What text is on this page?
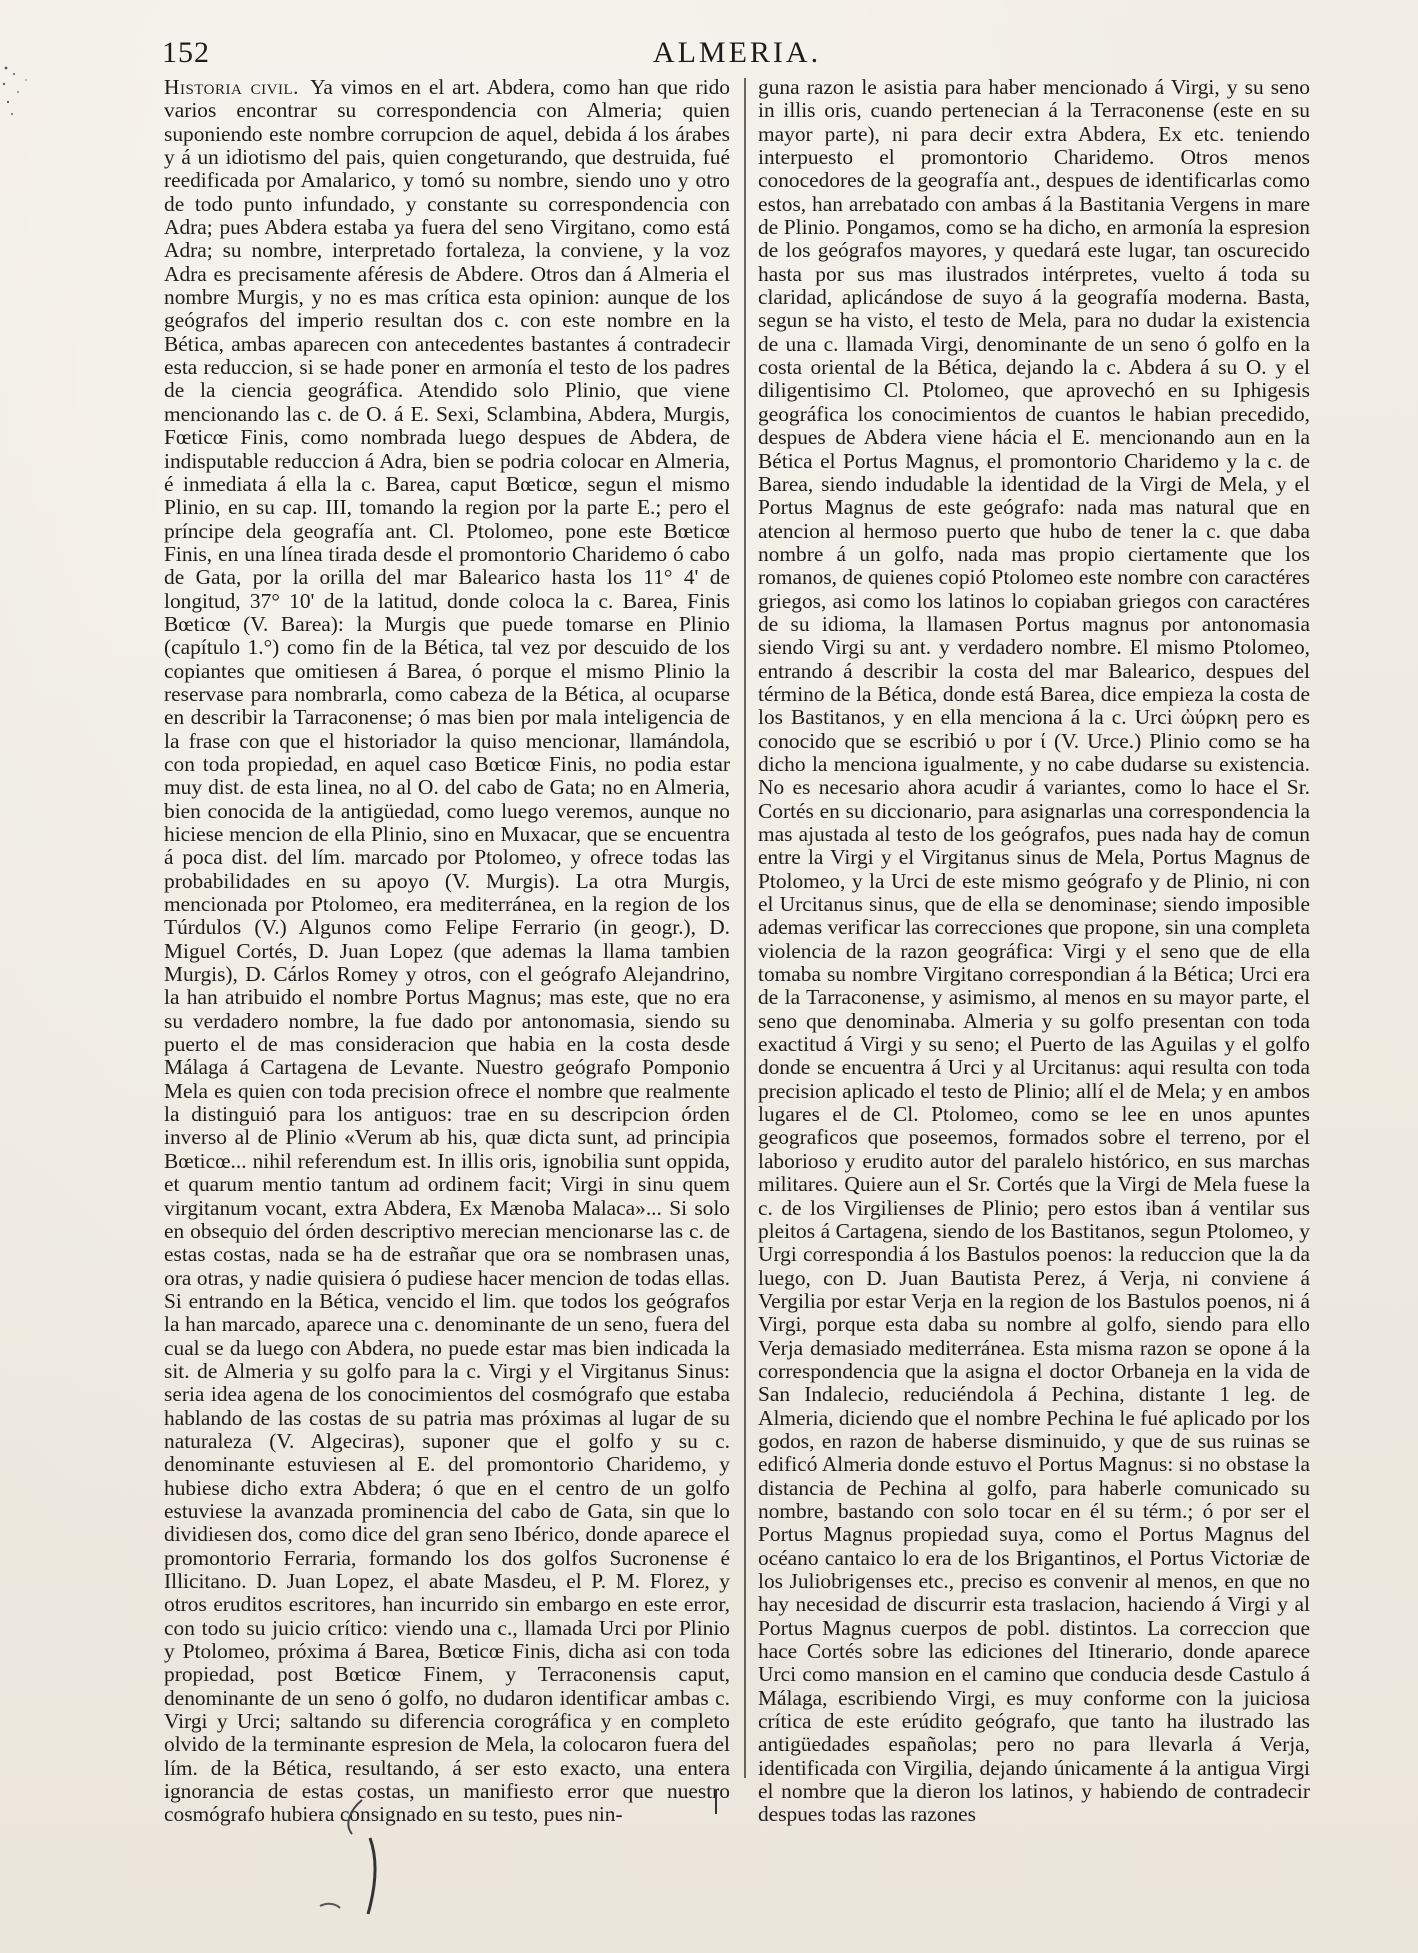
152	ALMERIA.

Historia civil. Ya vimos en el art. Abdera, como han que rido varios encontrar su correspondencia con Almeria; quien suponiendo este nombre corrupcion de aquel, debida á los árabes y á un idiotismo del pais, quien congeturando, que destruida, fué reedificada por Amalarico, y tomó su nombre, siendo uno y otro de todo punto infundado, y constante su correspondencia con Adra; pues Abdera estaba ya fuera del seno Virgitano, como está Adra; su nombre, interpretado fortaleza, la conviene, y la voz Adra es precisamente aféresis de Abdere. Otros dan á Almeria el nombre Murgis, y no es mas crítica esta opinion: aunque de los geógrafos del imperio resultan dos c. con este nombre en la Bética, ambas aparecen con antecedentes bastantes á contradecir esta reduccion, si se hade poner en armonía el testo de los padres de la ciencia geográfica. Atendido solo Plinio, que viene mencionando las c. de O. á E. Sexi, Sclambina, Abdera, Murgis, Fœticœ Finis, como nombrada luego despues de Abdera, de indisputable reduccion á Adra, bien se podria colocar en Almeria, é inmediata á ella la c. Barea, caput Bœticœ, segun el mismo Plinio, en su cap. III, tomando la region por la parte E.; pero el príncipe dela geografía ant. Cl. Ptolomeo, pone este Bœticœ Finis, en una línea tirada desde el promontorio Charidemo ó cabo de Gata, por la orilla del mar Balearico hasta los 11° 4' de longitud, 37° 10' de la latitud, donde coloca la c. Barea, Finis Bœticœ (V. Barea): la Murgis que puede tomarse en Plinio (capítulo 1.°) como fin de la Bética, tal vez por descuido de los copiantes que omitiesen á Barea, ó porque el mismo Plinio la reservase para nombrarla, como cabeza de la Bética, al ocuparse en describir la Tarraconense; ó mas bien por mala inteligencia de la frase con que el historiador la quiso mencionar, llamándola, con toda propiedad, en aquel caso Bœticœ Finis, no podia estar muy dist. de esta linea, no al O. del cabo de Gata; no en Almeria, bien conocida de la antigüedad, como luego veremos, aunque no hiciese mencion de ella Plinio, sino en Muxacar, que se encuentra á poca dist. del lím. marcado por Ptolomeo, y ofrece todas las probabilidades en su apoyo (V. Murgis). La otra Murgis, mencionada por Ptolomeo, era mediterránea, en la region de los Túrdulos (V.) Algunos como Felipe Ferrario (in geogr.), D. Miguel Cortés, D. Juan Lopez (que ademas la llama tambien Murgis), D. Cárlos Romey y otros, con el geógrafo Alejandrino, la han atribuido el nombre Portus Magnus; mas este, que no era su verdadero nombre, la fue dado por antonomasia, siendo su puerto el de mas consideracion que habia en la costa desde Málaga á Cartagena de Levante. Nuestro geógrafo Pomponio Mela es quien con toda precision ofrece el nombre que realmente la distinguió para los antiguos: trae en su descripcion órden inverso al de Plinio «Verum ab his, quæ dicta sunt, ad principia Bœticœ... nihil referendum est. In illis oris, ignobilia sunt oppida, et quarum mentio tantum ad ordinem facit; Virgi in sinu quem virgitanum vocant, extra Abdera, Ex Mænoba Malaca»... Si solo en obsequio del órden descriptivo merecian mencionarse las c. de estas costas, nada se ha de estrañar que ora se nombrasen unas, ora otras, y nadie quisiera ó pudiese hacer mencion de todas ellas. Si entrando en la Bética, vencido el lim. que todos los geógrafos la han marcado, aparece una c. denominante de un seno, fuera del cual se da luego con Abdera, no puede estar mas bien indicada la sit. de Almeria y su golfo para la c. Virgi y el Virgitanus Sinus: seria idea agena de los conocimientos del cosmógrafo que estaba hablando de las costas de su patria mas próximas al lugar de su naturaleza (V. Algeciras), suponer que el golfo y su c. denominante estuviesen al E. del promontorio Charidemo, y hubiese dicho extra Abdera; ó que en el centro de un golfo estuviese la avanzada prominencia del cabo de Gata, sin que lo dividiesen dos, como dice del gran seno Ibérico, donde aparece el promontorio Ferraria, formando los dos golfos Sucronense é Illicitano. D. Juan Lopez, el abate Masdeu, el P. M. Florez, y otros eruditos escritores, han incurrido sin embargo en este error, con todo su juicio crítico: viendo una c., llamada Urci por Plinio y Ptolomeo, próxima á Barea, Bœticœ Finis, dicha asi con toda propiedad, post Bœticœ Finem, y Terraconensis caput, denominante de un seno ó golfo, no dudaron identificar ambas c. Virgi y Urci; saltando su diferencia corográfica y en completo olvido de la terminante espresion de Mela, la colocaron fuera del lím. de la Bética, resultando, á ser esto exacto, una entera ignorancia de estas costas, un manifiesto error que nuestro cosmógrafo hubiera consignado en su testo, pues nin-

guna razon le asistia para haber mencionado á Virgi, y su seno in illis oris, cuando pertenecian á la Terraconense (este en su mayor parte), ni para decir extra Abdera, Ex etc. teniendo interpuesto el promontorio Charidemo. Otros menos conocedores de la geografía ant., despues de identificarlas como estos, han arrebatado con ambas á la Bastitania Vergens in mare de Plinio. Pongamos, como se ha dicho, en armonía la espresion de los geógrafos mayores, y quedará este lugar, tan oscurecido hasta por sus mas ilustrados intérpretes, vuelto á toda su claridad, aplicándose de suyo á la geografía moderna. Basta, segun se ha visto, el testo de Mela, para no dudar la existencia de una c. llamada Virgi, denominante de un seno ó golfo en la costa oriental de la Bética, dejando la c. Abdera á su O. y el diligentisimo Cl. Ptolomeo, que aprovechó en su Iphigesis geográfica los conocimientos de cuantos le habian precedido, despues de Abdera viene hácia el E. mencionando aun en la Bética el Portus Magnus, el promontorio Charidemo y la c. de Barea, siendo indudable la identidad de la Virgi de Mela, y el Portus Magnus de este geógrafo: nada mas natural que en atencion al hermoso puerto que hubo de tener la c. que daba nombre á un golfo, nada mas propio ciertamente que los romanos, de quienes copió Ptolomeo este nombre con caractéres griegos, asi como los latinos lo copiaban griegos con caractéres de su idioma, la llamasen Portus magnus por antonomasia siendo Virgi su ant. y verdadero nombre. El mismo Ptolomeo, entrando á describir la costa del mar Balearico, despues del término de la Bética, donde está Barea, dice empieza la costa de los Bastitanos, y en ella menciona á la c. Urci ὠύρκη pero es conocido que se escribió υ por ί (V. Urce.) Plinio como se ha dicho la menciona igualmente, y no cabe dudarse su existencia. No es necesario ahora acudir á variantes, como lo hace el Sr. Cortés en su diccionario, para asignarlas una correspondencia la mas ajustada al testo de los geógrafos, pues nada hay de comun entre la Virgi y el Virgitanus sinus de Mela, Portus Magnus de Ptolomeo, y la Urci de este mismo geógrafo y de Plinio, ni con el Urcitanus sinus, que de ella se denominase; siendo imposible ademas verificar las correcciones que propone, sin una completa violencia de la razon geográfica: Virgi y el seno que de ella tomaba su nombre Virgitano correspondian á la Bética; Urci era de la Tarraconense, y asimismo, al menos en su mayor parte, el seno que denominaba. Almeria y su golfo presentan con toda exactitud á Virgi y su seno; el Puerto de las Aguilas y el golfo donde se encuentra á Urci y al Urcitanus: aqui resulta con toda precision aplicado el testo de Plinio; allí el de Mela; y en ambos lugares el de Cl. Ptolomeo, como se lee en unos apuntes geograficos que poseemos, formados sobre el terreno, por el laborioso y erudito autor del paralelo histórico, en sus marchas militares. Quiere aun el Sr. Cortés que la Virgi de Mela fuese la c. de los Virgilienses de Plinio; pero estos iban á ventilar sus pleitos á Cartagena, siendo de los Bastitanos, segun Ptolomeo, y Urgi correspondia á los Bastulos poenos: la reduccion que la da luego, con D. Juan Bautista Perez, á Verja, ni conviene á Vergilia por estar Verja en la region de los Bastulos poenos, ni á Virgi, porque esta daba su nombre al golfo, siendo para ello Verja demasiado mediterránea. Esta misma razon se opone á la correspondencia que la asigna el doctor Orbaneja en la vida de San Indalecio, reduciéndola á Pechina, distante 1 leg. de Almeria, diciendo que el nombre Pechina le fué aplicado por los godos, en razon de haberse disminuido, y que de sus ruinas se edificó Almeria donde estuvo el Portus Magnus: si no obstase la distancia de Pechina al golfo, para haberle comunicado su nombre, bastando con solo tocar en él su térm.; ó por ser el Portus Magnus propiedad suya, como el Portus Magnus del océano cantaico lo era de los Brigantinos, el Portus Victoriæ de los Juliobrigenses etc., preciso es convenir al menos, en que no hay necesidad de discurrir esta traslacion, haciendo á Virgi y al Portus Magnus cuerpos de pobl. distintos. La correccion que hace Cortés sobre las ediciones del Itinerario, donde aparece Urci como mansion en el camino que conducia desde Castulo á Málaga, escribiendo Virgi, es muy conforme con la juiciosa crítica de este erúdito geógrafo, que tanto ha ilustrado las antigüedades españolas; pero no para llevarla á Verja, identificada con Virgilia, dejando únicamente á la antigua Virgi el nombre que la dieron los latinos, y habiendo de contradecir despues todas las razones
